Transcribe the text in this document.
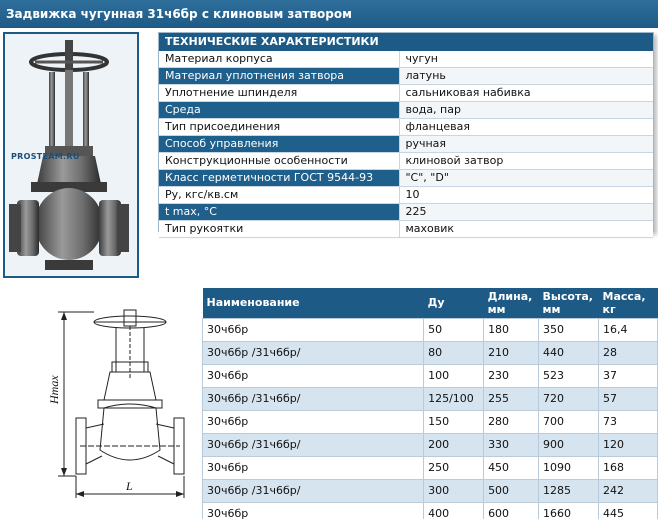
Задвижка чугунная 31ч6бр с клиновым затвором
PROSTEAM.RU
ТЕХНИЧЕСКИЕ ХАРАКТЕРИСТИКИ
Материал корпуса	чугун
Материал уплотнения затвора	латунь
Уплотнение шпинделя	сальниковая набивка
Среда	вода, пар
Тип присоединения	фланцевая
Способ управления	ручная
Конструкционные особенности	клиновой затвор
Класс герметичности ГОСТ 9544-93	"C", "D"
Ру, кгс/кв.см	10
t max, °С	225
Тип рукоятки	маховик
Hmax
L
Наименование	Ду	Длина, мм	Высота, мм	Масса, кг
30ч6бр	50	180	350	16,4
30ч6бр /31ч6бр/	80	210	440	28
30ч6бр	100	230	523	37
30ч6бр /31ч6бр/	125/100	255	720	57
30ч6бр	150	280	700	73
30ч6бр /31ч6бр/	200	330	900	120
30ч6бр	250	450	1090	168
30ч6бр /31ч6бр/	300	500	1285	242
30ч6бр	400	600	1660	445
